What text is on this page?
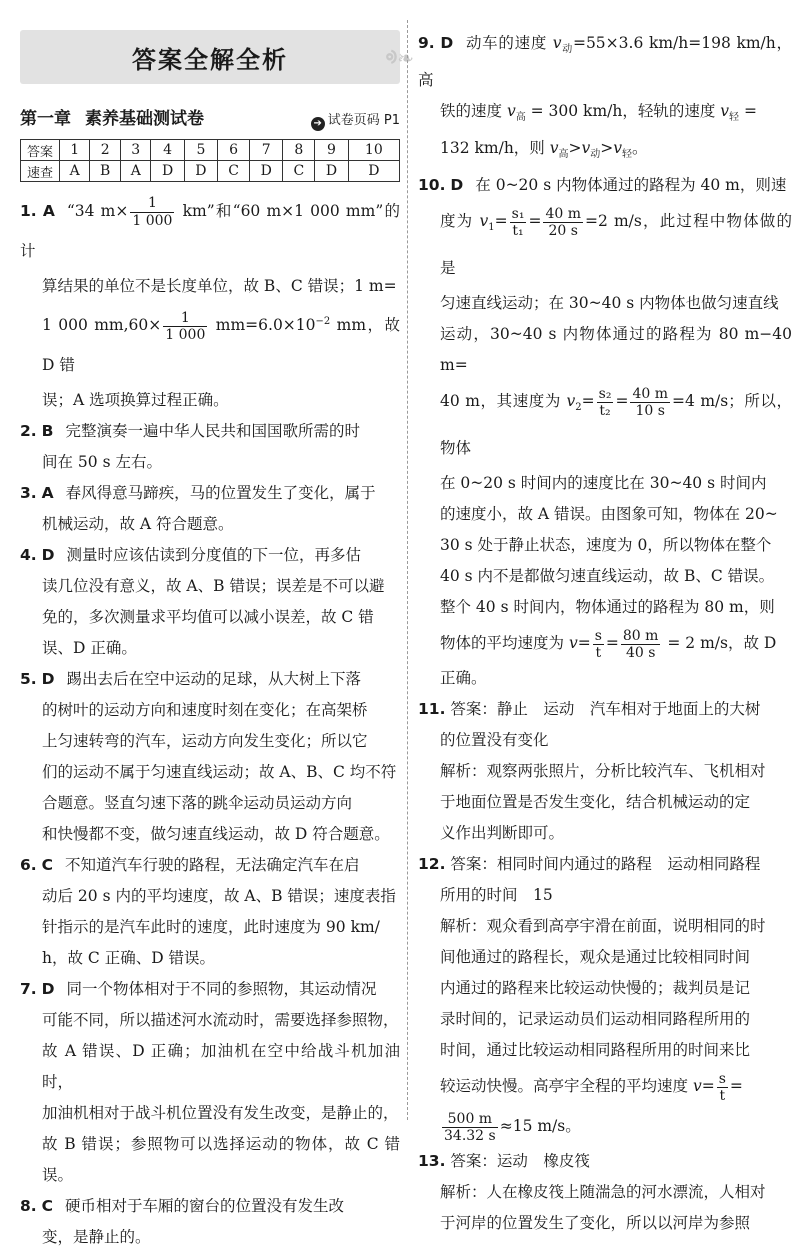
答案全解全析	ᢀ❧
第一章 素养基础测试卷	➔ 试卷页码 P1
答案	1	2	3	4	5	6	7	8	9	10
速查	A	B	A	D	D	C	D	C	D	D

1. A “34 $m\times \frac{1}{1 000}$ km”和“60 m×1 000 mm”的计

算结果的单位不是长度单位，故 B、C 错误；1 m=

1 000 $mm,60\times \frac{1}{1 000} mm=6.0\times 10^{-2}$ mm，故 D 错

误；A 选项换算过程正确。

2. B 完整演奏一遍中华人民共和国国歌所需的时

间在 50 s 左右。

3. A 春风得意马蹄疾，马的位置发生了变化，属于

机械运动，故 A 符合题意。

4. D 测量时应该估读到分度值的下一位，再多估

读几位没有意义，故 A、B 错误；误差是不可以避

免的，多次测量求平均值可以减小误差，故 C 错

误、D 正确。

5. D 踢出去后在空中运动的足球，从大树上下落

的树叶的运动方向和速度时刻在变化；在高架桥

上匀速转弯的汽车，运动方向发生变化；所以它

们的运动不属于匀速直线运动；故 A、B、C 均不符

合题意。竖直匀速下落的跳伞运动员运动方向

和快慢都不变，做匀速直线运动，故 D 符合题意。

6. C 不知道汽车行驶的路程，无法确定汽车在启

动后 20 s 内的平均速度，故 A、B 错误；速度表指

针指示的是汽车此时的速度，此时速度为 90 km/

h，故 C 正确、D 错误。

7. D 同一个物体相对于不同的参照物，其运动情况

可能不同，所以描述河水流动时，需要选择参照物，

故 A 错误、D 正确；加油机在空中给战斗机加油时，

加油机相对于战斗机位置没有发生改变，是静止的，

故 B 错误；参照物可以选择运动的物体，故 C 错误。

8. C 硬币相对于车厢的窗台的位置没有发生改

变，是静止的。

9. D 动车的速度 $v_动=55\times 3.6$ km/h=198 km/h，高

铁的速度 $v_高 = 300$ km/h，轻轨的速度 $v_轻$ =

132 km/h，则 $v_高>v_动>v_轻$。

10. D 在 0~20 s 内物体通过的路程为 40 m，则速

度为 $v_1= \frac{\text{s₁}}{\text{t₁}} = \frac{40 m}{20 s} =2$ m/s，此过程中物体做的是

匀速直线运动；在 30~40 s 内物体也做匀速直线

运动，30~40 s 内物体通过的路程为 80 m−40 m=

40 m，其速度为 $v_2= \frac{\text{s₂}}{\text{t₂}} = \frac{40 m}{10 s} =4$ m/s；所以，物体

在 0~20 s 时间内的速度比在 30~40 s 时间内

的速度小，故 A 错误。由图象可知，物体在 20~

30 s 处于静止状态，速度为 0，所以物体在整个

40 s 内不是都做匀速直线运动，故 B、C 错误。

整个 40 s 时间内，物体通过的路程为 80 m，则

物体的平均速度为 $v= \frac{s}{t} = \frac{80 m}{40 s} = 2$ m/s，故 D

正确。

11. 答案：静止　运动　汽车相对于地面上的大树

的位置没有变化

解析：观察两张照片，分析比较汽车、飞机相对

于地面位置是否发生变化，结合机械运动的定

义作出判断即可。

12. 答案：相同时间内通过的路程　运动相同路程

所用的时间　15

解析：观众看到高亭宇滑在前面，说明相同的时

间他通过的路程长，观众是通过比较相同时间

内通过的路程来比较运动快慢的；裁判员是记

录时间的，记录运动员们运动相同路程所用的

时间，通过比较运动相同路程所用的时间来比

较运动快慢。高亭宇全程的平均速度 $v= \frac{s}{t}$ =

$\frac{500 m}{34.32 s} \approx 15$ m/s。

13. 答案：运动　橡皮筏

解析：人在橡皮筏上随湍急的河水漂流，人相对

于河岸的位置发生了变化，所以以河岸为参照
